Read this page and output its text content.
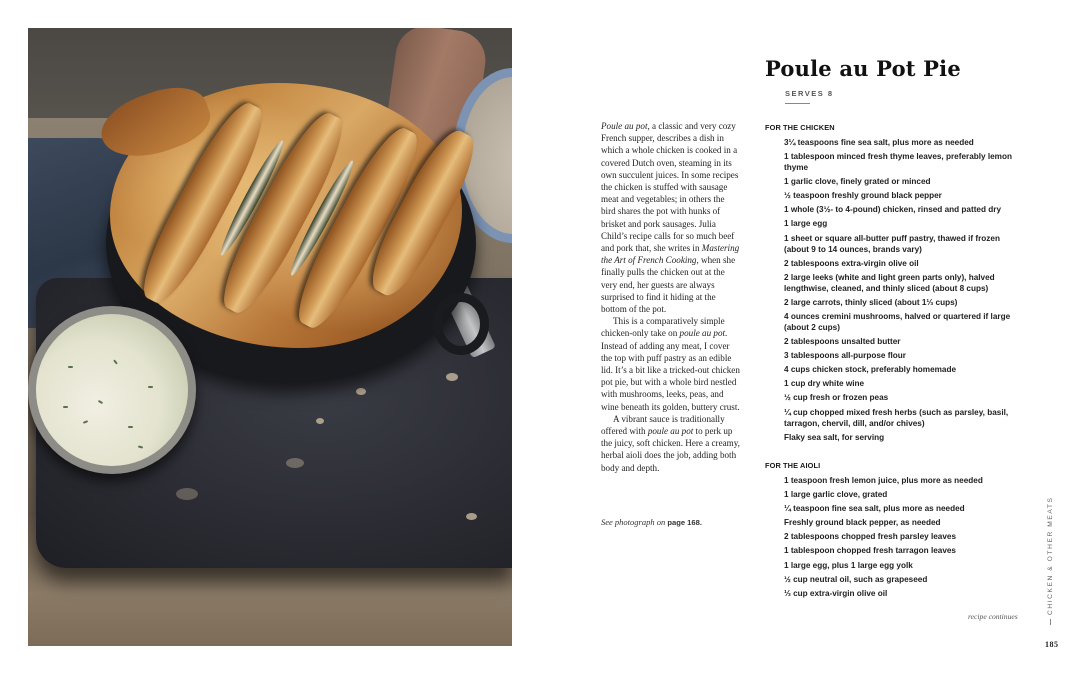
Poule au Pot Pie
SERVES 8

Poule au pot, a classic and very cozy French supper, describes a dish in which a whole chicken is cooked in a covered Dutch oven, steaming in its own succulent juices. In some recipes the chicken is stuffed with sausage meat and vegetables; in others the bird shares the pot with hunks of brisket and pork sausages. Julia Child’s recipe calls for so much beef and pork that, she writes in Mastering the Art of French Cooking, when she finally pulls the chicken out at the very end, her guests are always surprised to find it hiding at the bottom of the pot.

This is a comparatively simple chicken-only take on poule au pot. Instead of adding any meat, I cover the top with puff pastry as an edible lid. It’s a bit like a tricked-out chicken pot pie, but with a whole bird nestled with mushrooms, leeks, peas, and wine beneath its golden, buttery crust.

A vibrant sauce is traditionally offered with poule au pot to perk up the juicy, soft chicken. Here a creamy, herbal aioli does the job, adding both body and depth.

See photograph on page 168.
FOR THE CHICKEN
3¼ teaspoons fine sea salt, plus more as needed
1 tablespoon minced fresh thyme leaves, preferably lemon thyme
1 garlic clove, finely grated or minced
½ teaspoon freshly ground black pepper
1 whole (3½- to 4-pound) chicken, rinsed and patted dry
1 large egg
1 sheet or square all-butter puff pastry, thawed if frozen (about 9 to 14 ounces, brands vary)
2 tablespoons extra-virgin olive oil
2 large leeks (white and light green parts only), halved lengthwise, cleaned, and thinly sliced (about 8 cups)
2 large carrots, thinly sliced (about 1⅓ cups)
4 ounces cremini mushrooms, halved or quartered if large (about 2 cups)
2 tablespoons unsalted butter
3 tablespoons all-purpose flour
4 cups chicken stock, preferably homemade
1 cup dry white wine
½ cup fresh or frozen peas
¼ cup chopped mixed fresh herbs (such as parsley, basil, tarragon, chervil, dill, and/or chives)
Flaky sea salt, for serving
FOR THE AIOLI
1 teaspoon fresh lemon juice, plus more as needed
1 large garlic clove, grated
¼ teaspoon fine sea salt, plus more as needed
Freshly ground black pepper, as needed
2 tablespoons chopped fresh parsley leaves
1 tablespoon chopped fresh tarragon leaves
1 large egg, plus 1 large egg yolk
½ cup neutral oil, such as grapeseed
⅓ cup extra-virgin olive oil
recipe continues
CHICKEN & OTHER MEATS
185
